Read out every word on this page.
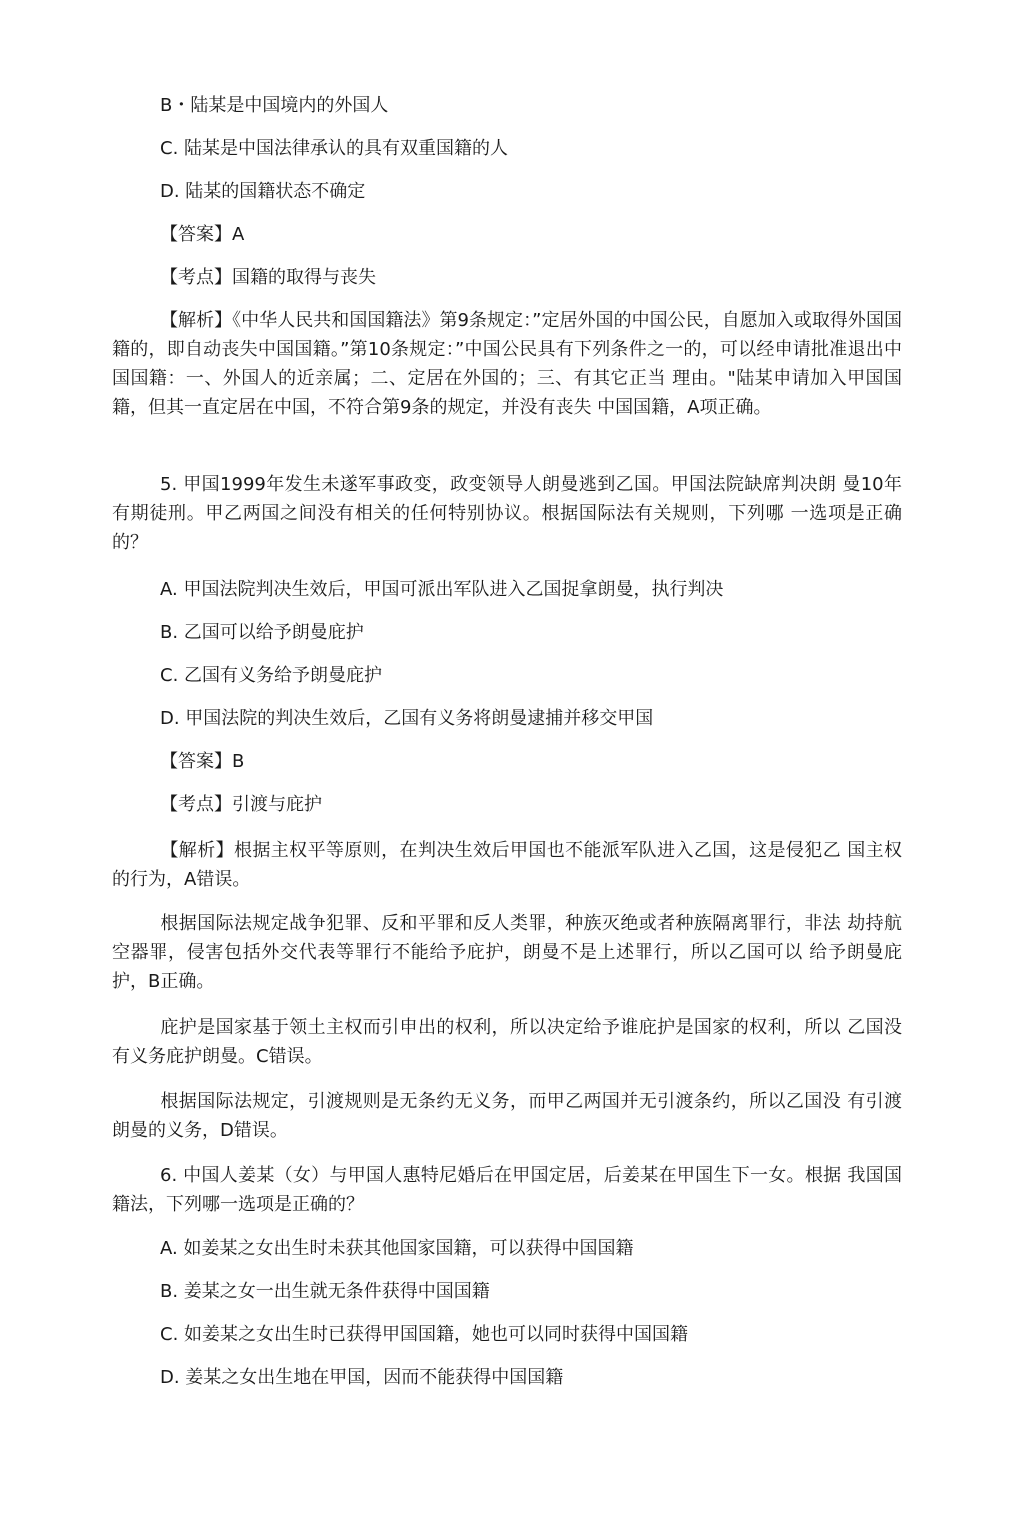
B・陆某是中国境内的外国人
C. 陆某是中国法律承认的具有双重国籍的人
D. 陆某的国籍状态不确定
【答案】A
【考点】国籍的取得与丧失
【解析】《中华人民共和国国籍法》第9条规定：”定居外国的中国公民，自愿加入或取得外国国籍的，即自动丧失中国国籍。”第10条规定：”中国公民具有下列条件之一的，可以经申请批准退出中国国籍：一、外国人的近亲属；二、定居在外国的；三、有其它正当 理由。"陆某申请加入甲国国籍，但其一直定居在中国，不符合第9条的规定，并没有丧失 中国国籍，A项正确。
5. 甲国1999年发生未遂军事政变，政变领导人朗曼逃到乙国。甲国法院缺席判决朗 曼10年有期徒刑。甲乙两国之间没有相关的任何特别协议。根据国际法有关规则，下列哪 一选项是正确的？
A. 甲国法院判决生效后，甲国可派出军队进入乙国捉拿朗曼，执行判决
B. 乙国可以给予朗曼庇护
C. 乙国有义务给予朗曼庇护
D. 甲国法院的判决生效后，乙国有义务将朗曼逮捕并移交甲国
【答案】B
【考点】引渡与庇护
【解析】根据主权平等原则，在判决生效后甲国也不能派军队进入乙国，这是侵犯乙 国主权的行为，A错误。
根据国际法规定战争犯罪、反和平罪和反人类罪，种族灭绝或者种族隔离罪行，非法 劫持航空器罪，侵害包括外交代表等罪行不能给予庇护，朗曼不是上述罪行，所以乙国可以 给予朗曼庇护，B正确。
庇护是国家基于领土主权而引申出的权利，所以决定给予谁庇护是国家的权利，所以 乙国没有义务庇护朗曼。C错误。
根据国际法规定，引渡规则是无条约无义务，而甲乙两国并无引渡条约，所以乙国没 有引渡朗曼的义务，D错误。
6. 中国人姜某（女）与甲国人惠特尼婚后在甲国定居，后姜某在甲国生下一女。根据 我国国籍法，下列哪一选项是正确的？
A. 如姜某之女出生时未获其他国家国籍，可以获得中国国籍
B. 姜某之女一出生就无条件获得中国国籍
C. 如姜某之女出生时已获得甲国国籍，她也可以同时获得中国国籍
D. 姜某之女出生地在甲国，因而不能获得中国国籍
